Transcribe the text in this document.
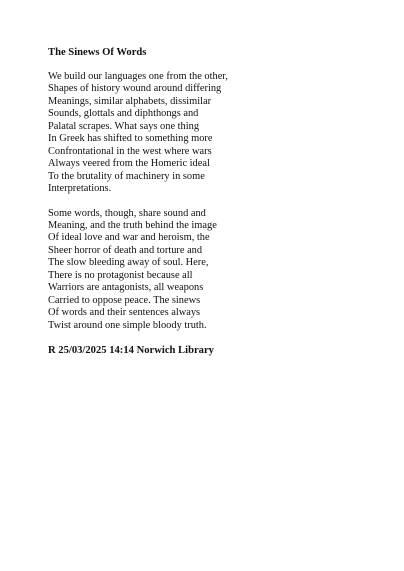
The Sinews Of Words
We build our languages one from the other,
Shapes of history wound around differing
Meanings, similar alphabets, dissimilar
Sounds, glottals and diphthongs and
Palatal scrapes. What says one thing
In Greek has shifted to something more
Confrontational in the west where wars
Always veered from the Homeric ideal
To the brutality of machinery in some
Interpretations.
Some words, though, share sound and
Meaning, and the truth behind the image
Of ideal love and war and heroism, the
Sheer horror of death and torture and
The slow bleeding away of soul. Here,
There is no protagonist because all
Warriors are antagonists, all weapons
Carried to oppose peace. The sinews
Of words and their sentences always
Twist around one simple bloody truth.
R 25/03/2025 14:14 Norwich Library
